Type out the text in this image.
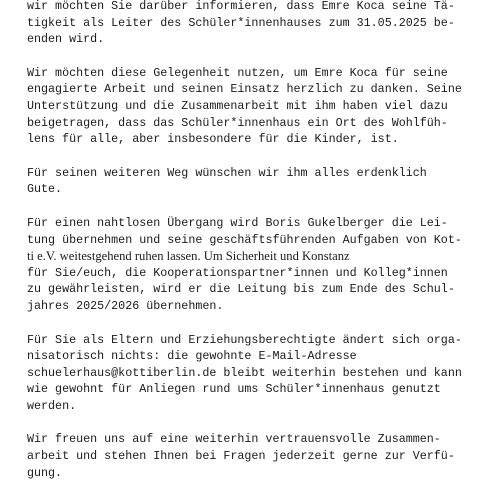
wir möchten Sie darüber informieren, dass Emre Koca seine Tä-
tigkeit als Leiter des Schüler*innenhauses zum 31.05.2025 be-
enden wird.

Wir möchten diese Gelegenheit nutzen, um Emre Koca für seine
engagierte Arbeit und seinen Einsatz herzlich zu danken. Seine
Unterstützung und die Zusammenarbeit mit ihm haben viel dazu
beigetragen, dass das Schüler*innenhaus ein Ort des Wohlfüh-
lens für alle, aber insbesondere für die Kinder, ist.

Für seinen weiteren Weg wünschen wir ihm alles erdenklich
Gute.

Für einen nahtlosen Übergang wird Boris Gukelberger die Lei-
tung übernehmen und seine geschäftsführenden Aufgaben von Kot-
ti e.V. weitestgehend ruhen lassen. Um Sicherheit und Konstanz
für Sie/euch, die Kooperationspartner*innen und Kolleg*innen
zu gewährleisten, wird er die Leitung bis zum Ende des Schul-
jahres 2025/2026 übernehmen.

Für Sie als Eltern und Erziehungsberechtigte ändert sich orga-
nisatorisch nichts: die gewohnte E-Mail-Adresse
schuelerhaus@kottiberlin.de bleibt weiterhin bestehen und kann
wie gewohnt für Anliegen rund ums Schüler*innenhaus genutzt
werden.

Wir freuen uns auf eine weiterhin vertrauensvolle Zusammen-
arbeit und stehen Ihnen bei Fragen jederzeit gerne zur Verfü-
gung.
